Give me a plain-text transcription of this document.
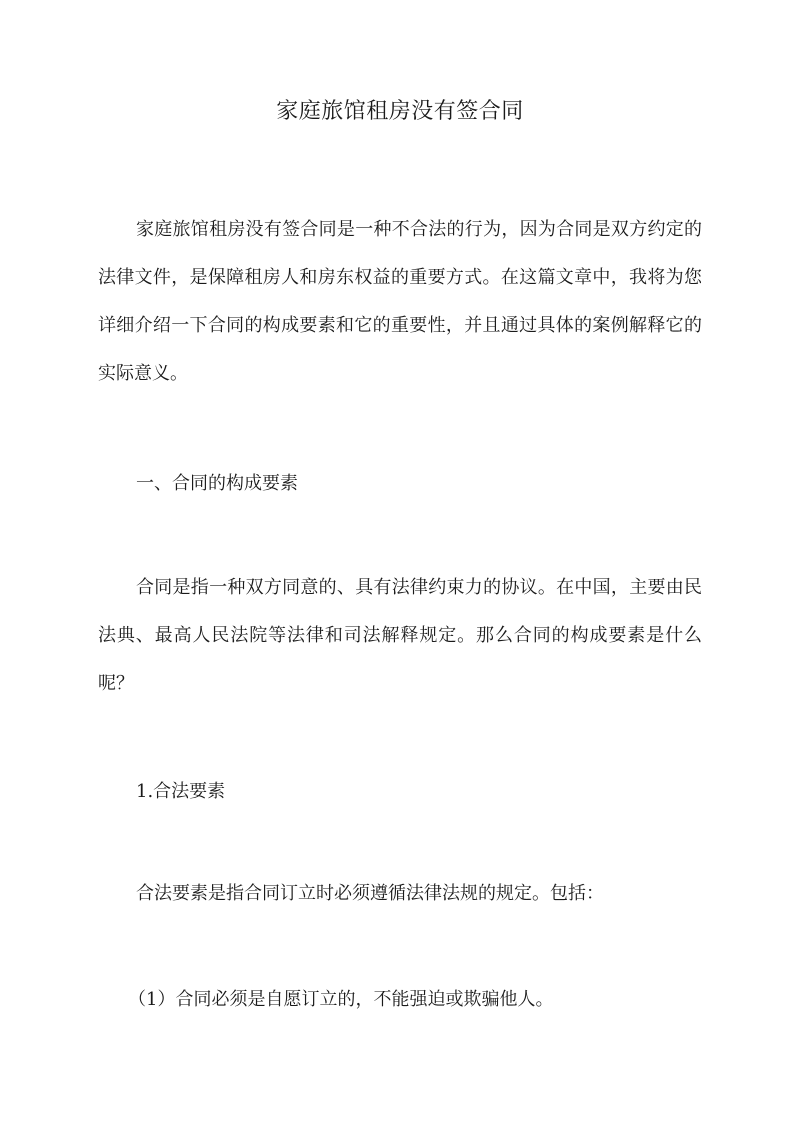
家庭旅馆租房没有签合同

家庭旅馆租房没有签合同是一种不合法的行为，因为合同是双方约定的法律文件，是保障租房人和房东权益的重要方式。在这篇文章中，我将为您详细介绍一下合同的构成要素和它的重要性，并且通过具体的案例解释它的实际意义。

一、合同的构成要素

合同是指一种双方同意的、具有法律约束力的协议。在中国，主要由民法典、最高人民法院等法律和司法解释规定。那么合同的构成要素是什么呢？

1.合法要素

合法要素是指合同订立时必须遵循法律法规的规定。包括：

（1）合同必须是自愿订立的，不能强迫或欺骗他人。
